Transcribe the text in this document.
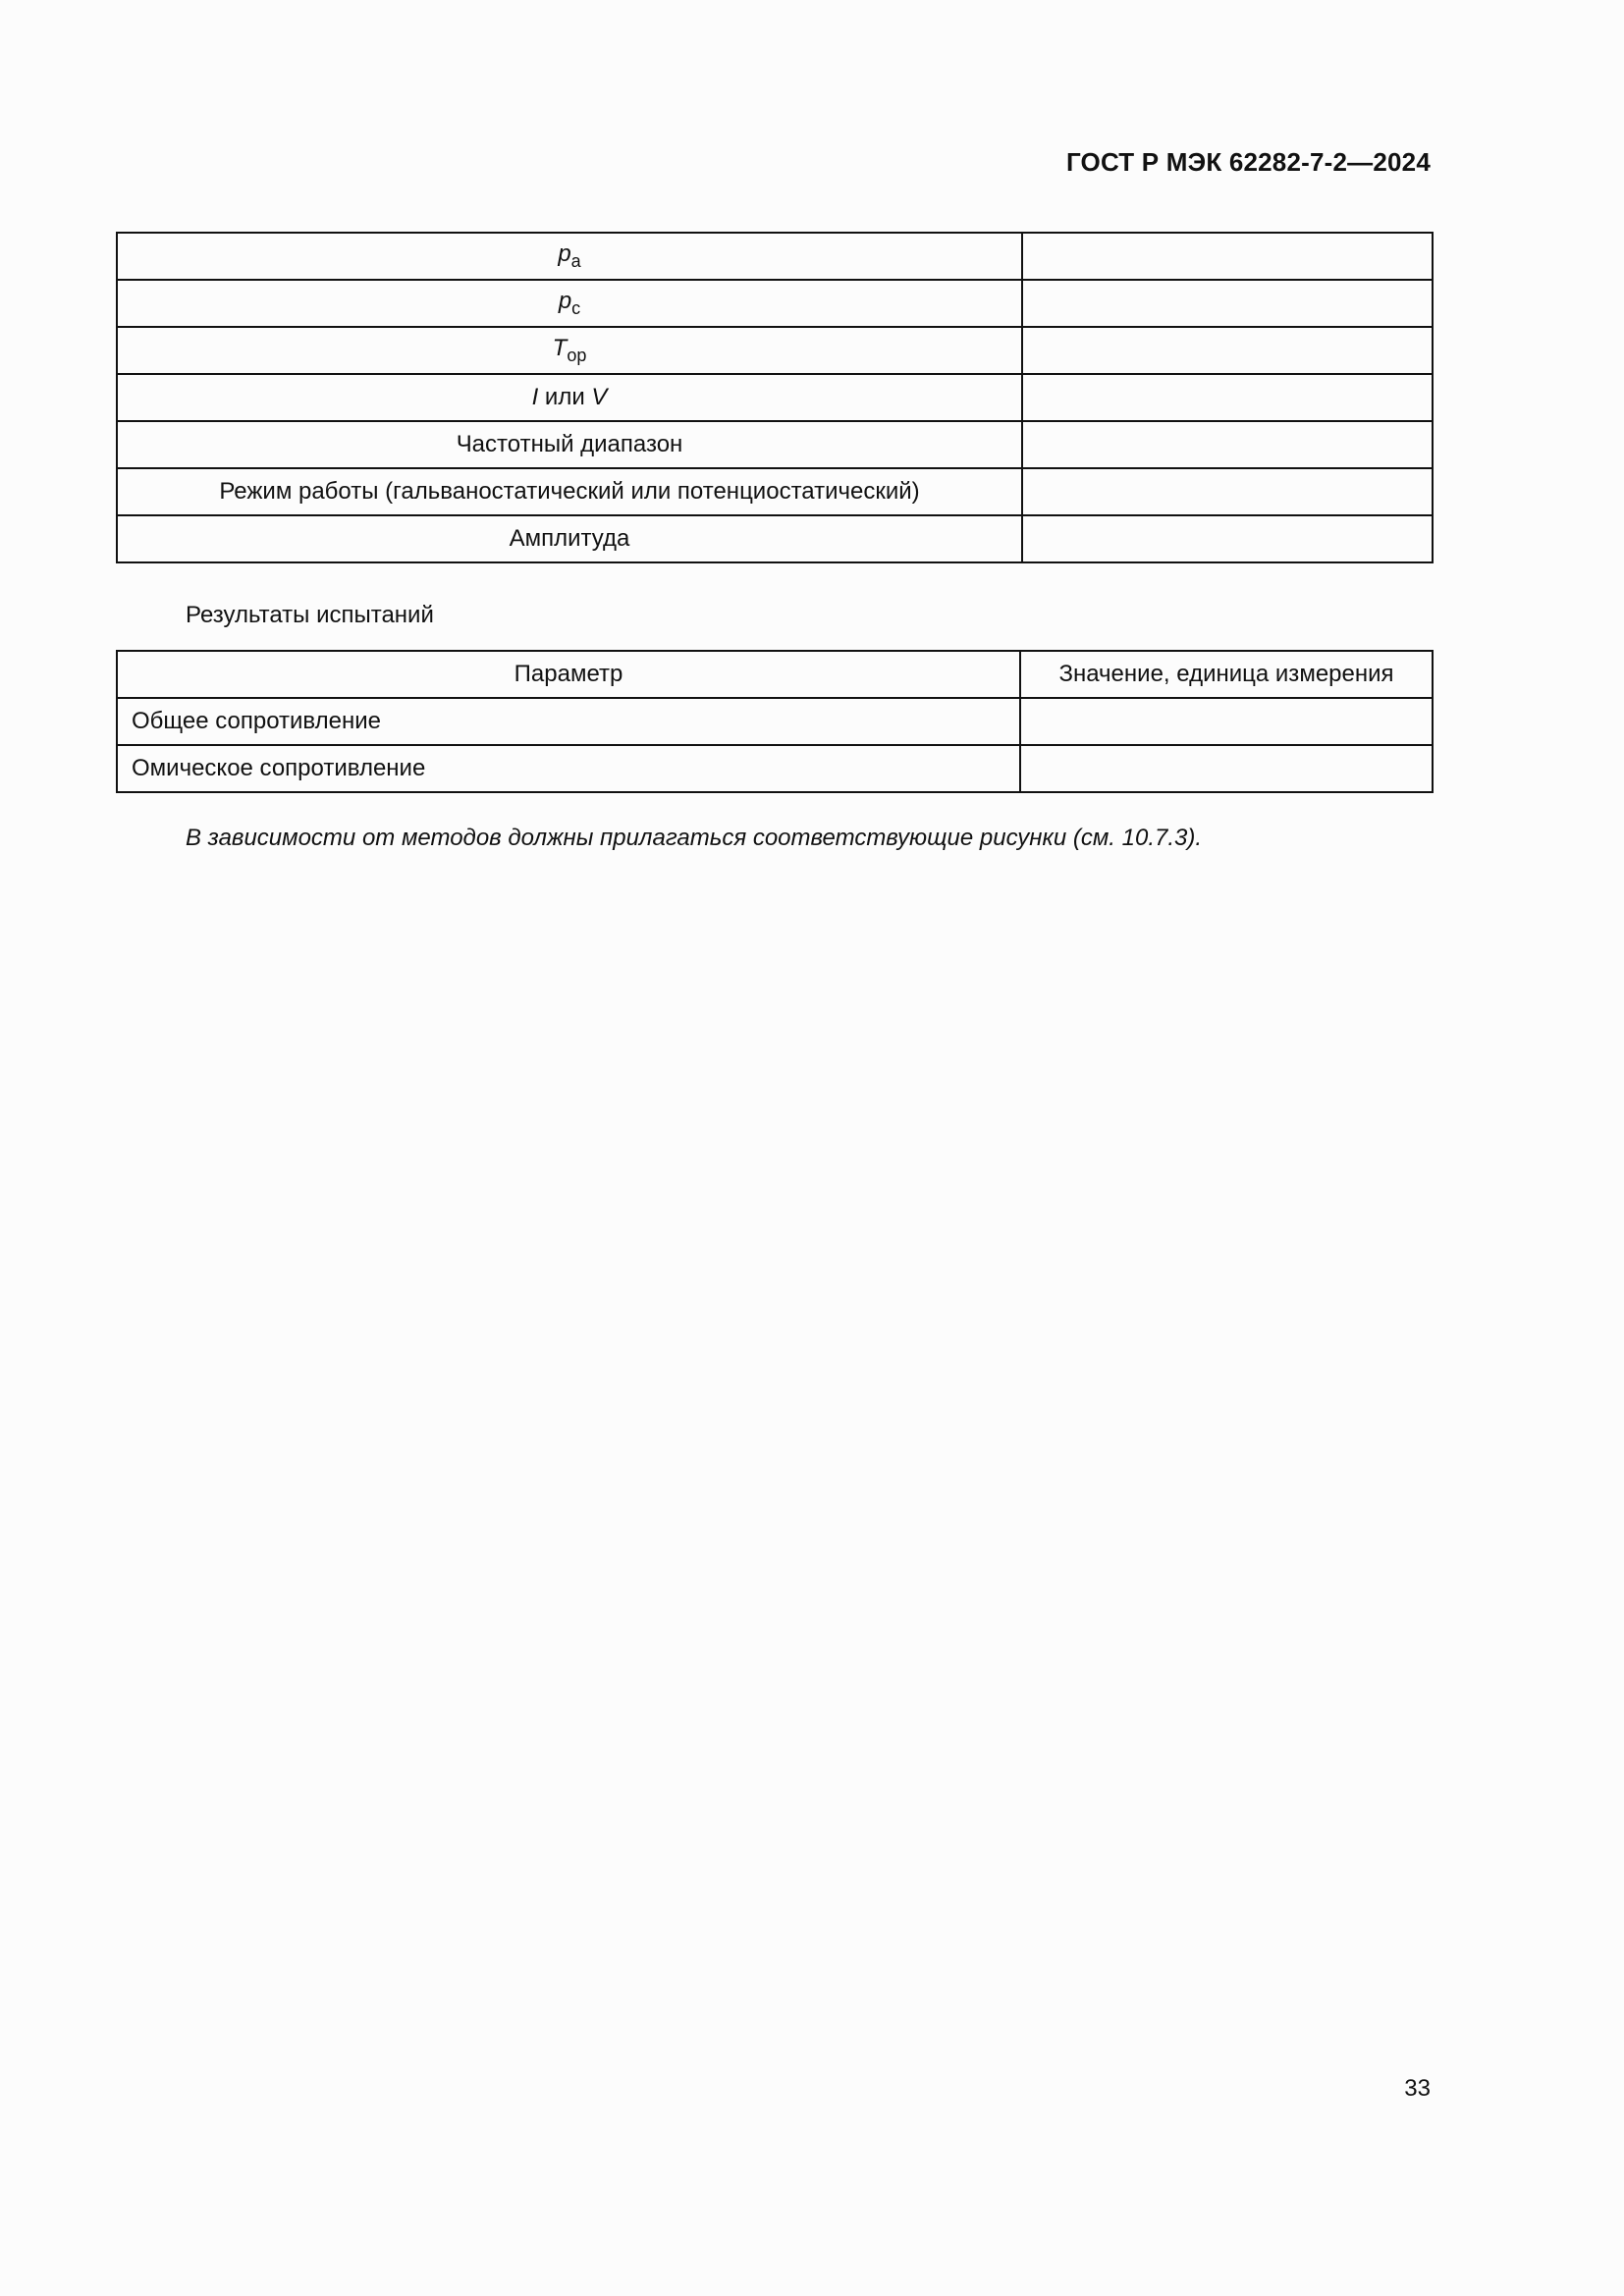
ГОСТ Р МЭК 62282-7-2—2024
$p_a$	
$p_c$	
$T_{op}$	
I или V	
Частотный диапазон	
Режим работы (гальваностатический или потенциостатический)	
Амплитуда	
Результаты испытаний
Параметр	Значение, единица измерения
Общее сопротивление	
Омическое сопротивление	
В зависимости от методов должны прилагаться соответствующие рисунки (см. 10.7.3).
33
